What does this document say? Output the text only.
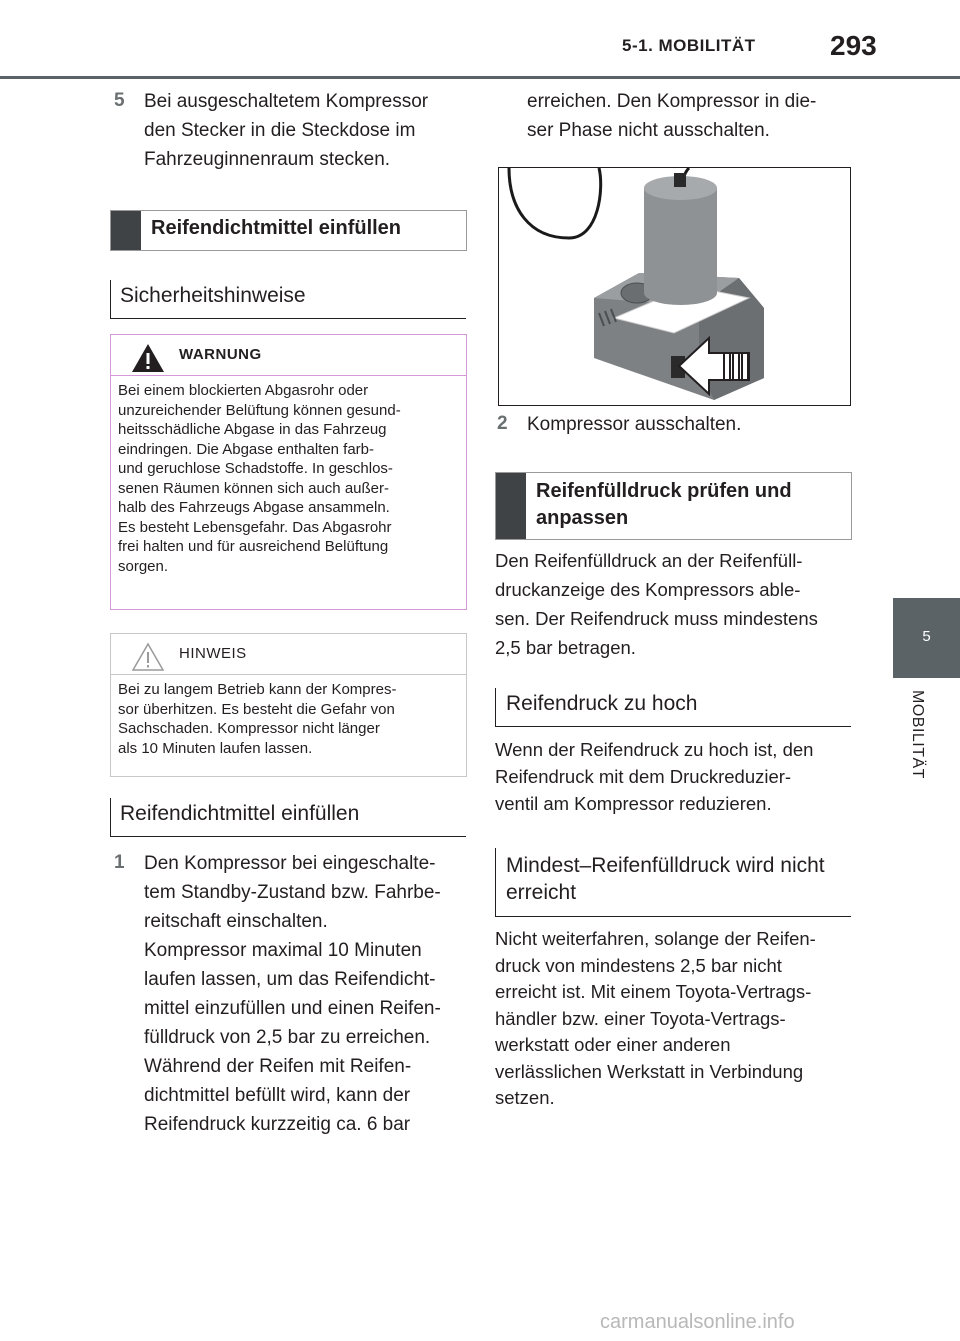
5-1. MOBILITÄT	293
5
MOBILITÄT
5 Bei ausgeschaltetem Kompressor
den Stecker in die Steckdose im
Fahrzeuginnenraum stecken.
Reifendichtmittel einfüllen
Sicherheitshinweise
WARNUNG
Bei einem blockierten Abgasrohr oder
unzureichender Belüftung können gesund-
heitsschädliche Abgase in das Fahrzeug
eindringen. Die Abgase enthalten farb-
und geruchlose Schadstoffe. In geschlos-
senen Räumen können sich auch außer-
halb des Fahrzeugs Abgase ansammeln.
Es besteht Lebensgefahr. Das Abgasrohr
frei halten und für ausreichend Belüftung
sorgen.
HINWEIS
Bei zu langem Betrieb kann der Kompres-
sor überhitzen. Es besteht die Gefahr von
Sachschaden. Kompressor nicht länger
als 10 Minuten laufen lassen.
Reifendichtmittel einfüllen
1 Den Kompressor bei eingeschalte-
tem Standby-Zustand bzw. Fahrbe-
reitschaft einschalten.
Kompressor maximal 10 Minuten
laufen lassen, um das Reifendicht-
mittel einzufüllen und einen Reifen-
fülldruck von 2,5 bar zu erreichen.
Während der Reifen mit Reifen-
dichtmittel befüllt wird, kann der
Reifendruck kurzzeitig ca. 6 bar
erreichen. Den Kompressor in die-
ser Phase nicht ausschalten.
2 Kompressor ausschalten.
Reifenfülldruck prüfen und
anpassen
Den Reifenfülldruck an der Reifenfüll-
druckanzeige des Kompressors able-
sen. Der Reifendruck muss mindestens
2,5 bar betragen.
Reifendruck zu hoch
Wenn der Reifendruck zu hoch ist, den
Reifendruck mit dem Druckreduzier-
ventil am Kompressor reduzieren.
Mindest–Reifenfülldruck wird nicht
erreicht
Nicht weiterfahren, solange der Reifen-
druck von mindestens 2,5 bar nicht
erreicht ist. Mit einem Toyota-Vertrags-
händler bzw. einer Toyota-Vertrags-
werkstatt oder einer anderen
verlässlichen Werkstatt in Verbindung
setzen.
carmanualsonline.info
